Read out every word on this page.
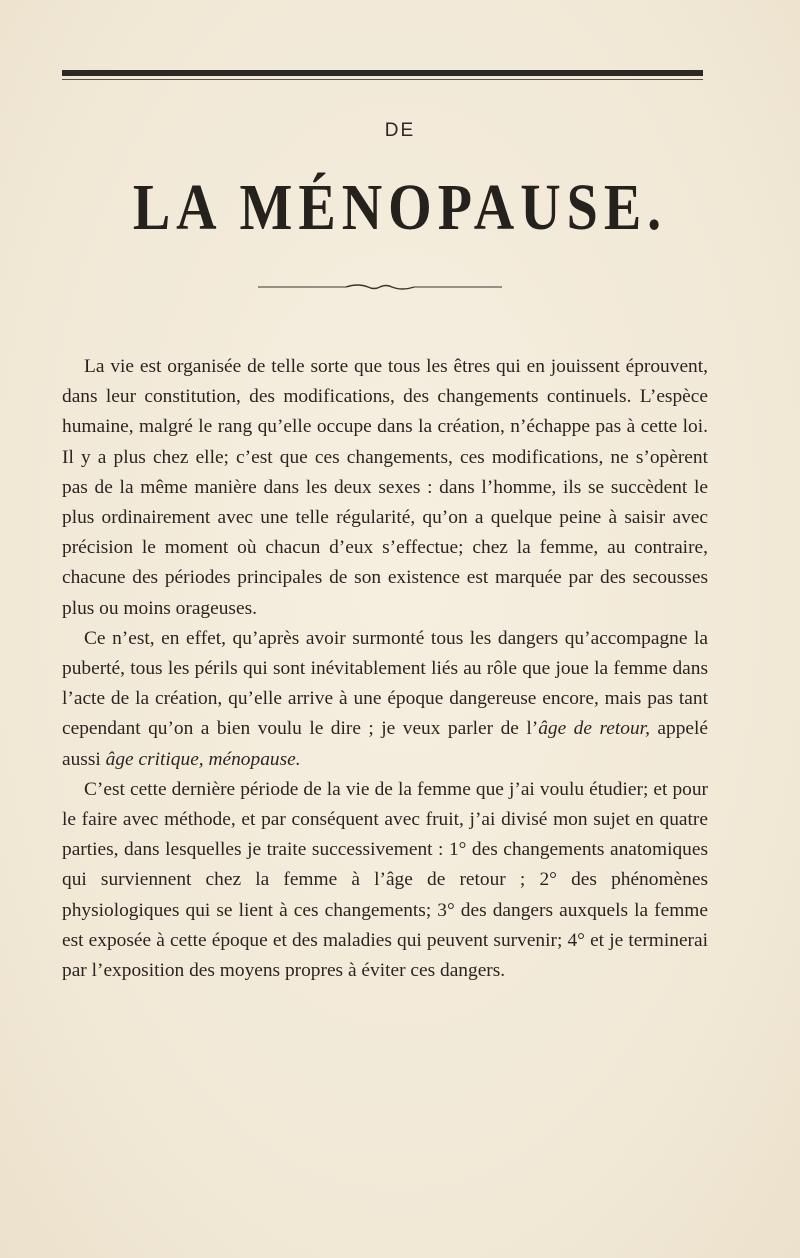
DE
LA MÉNOPAUSE.

La vie est organisée de telle sorte que tous les êtres qui en jouissent éprouvent, dans leur constitution, des modifications, des changements continuels. L’espèce humaine, malgré le rang qu’elle occupe dans la création, n’échappe pas à cette loi. Il y a plus chez elle; c’est que ces changements, ces modifications, ne s’opèrent pas de la même manière dans les deux sexes : dans l’homme, ils se succèdent le plus ordinairement avec une telle régularité, qu’on a quelque peine à saisir avec précision le moment où chacun d’eux s’effectue; chez la femme, au contraire, chacune des périodes principales de son existence est marquée par des secousses plus ou moins orageuses.

Ce n’est, en effet, qu’après avoir surmonté tous les dangers qu’accompagne la puberté, tous les périls qui sont inévitablement liés au rôle que joue la femme dans l’acte de la création, qu’elle arrive à une époque dangereuse encore, mais pas tant cependant qu’on a bien voulu le dire ; je veux parler de l’âge de retour, appelé aussi âge critique, ménopause.

C’est cette dernière période de la vie de la femme que j’ai voulu étudier; et pour le faire avec méthode, et par conséquent avec fruit, j’ai divisé mon sujet en quatre parties, dans lesquelles je traite successivement : 1° des changements anatomiques qui surviennent chez la femme à l’âge de retour ; 2° des phénomènes physiologiques qui se lient à ces changements; 3° des dangers auxquels la femme est exposée à cette époque et des maladies qui peuvent survenir; 4° et je terminerai par l’exposition des moyens propres à éviter ces dangers.
